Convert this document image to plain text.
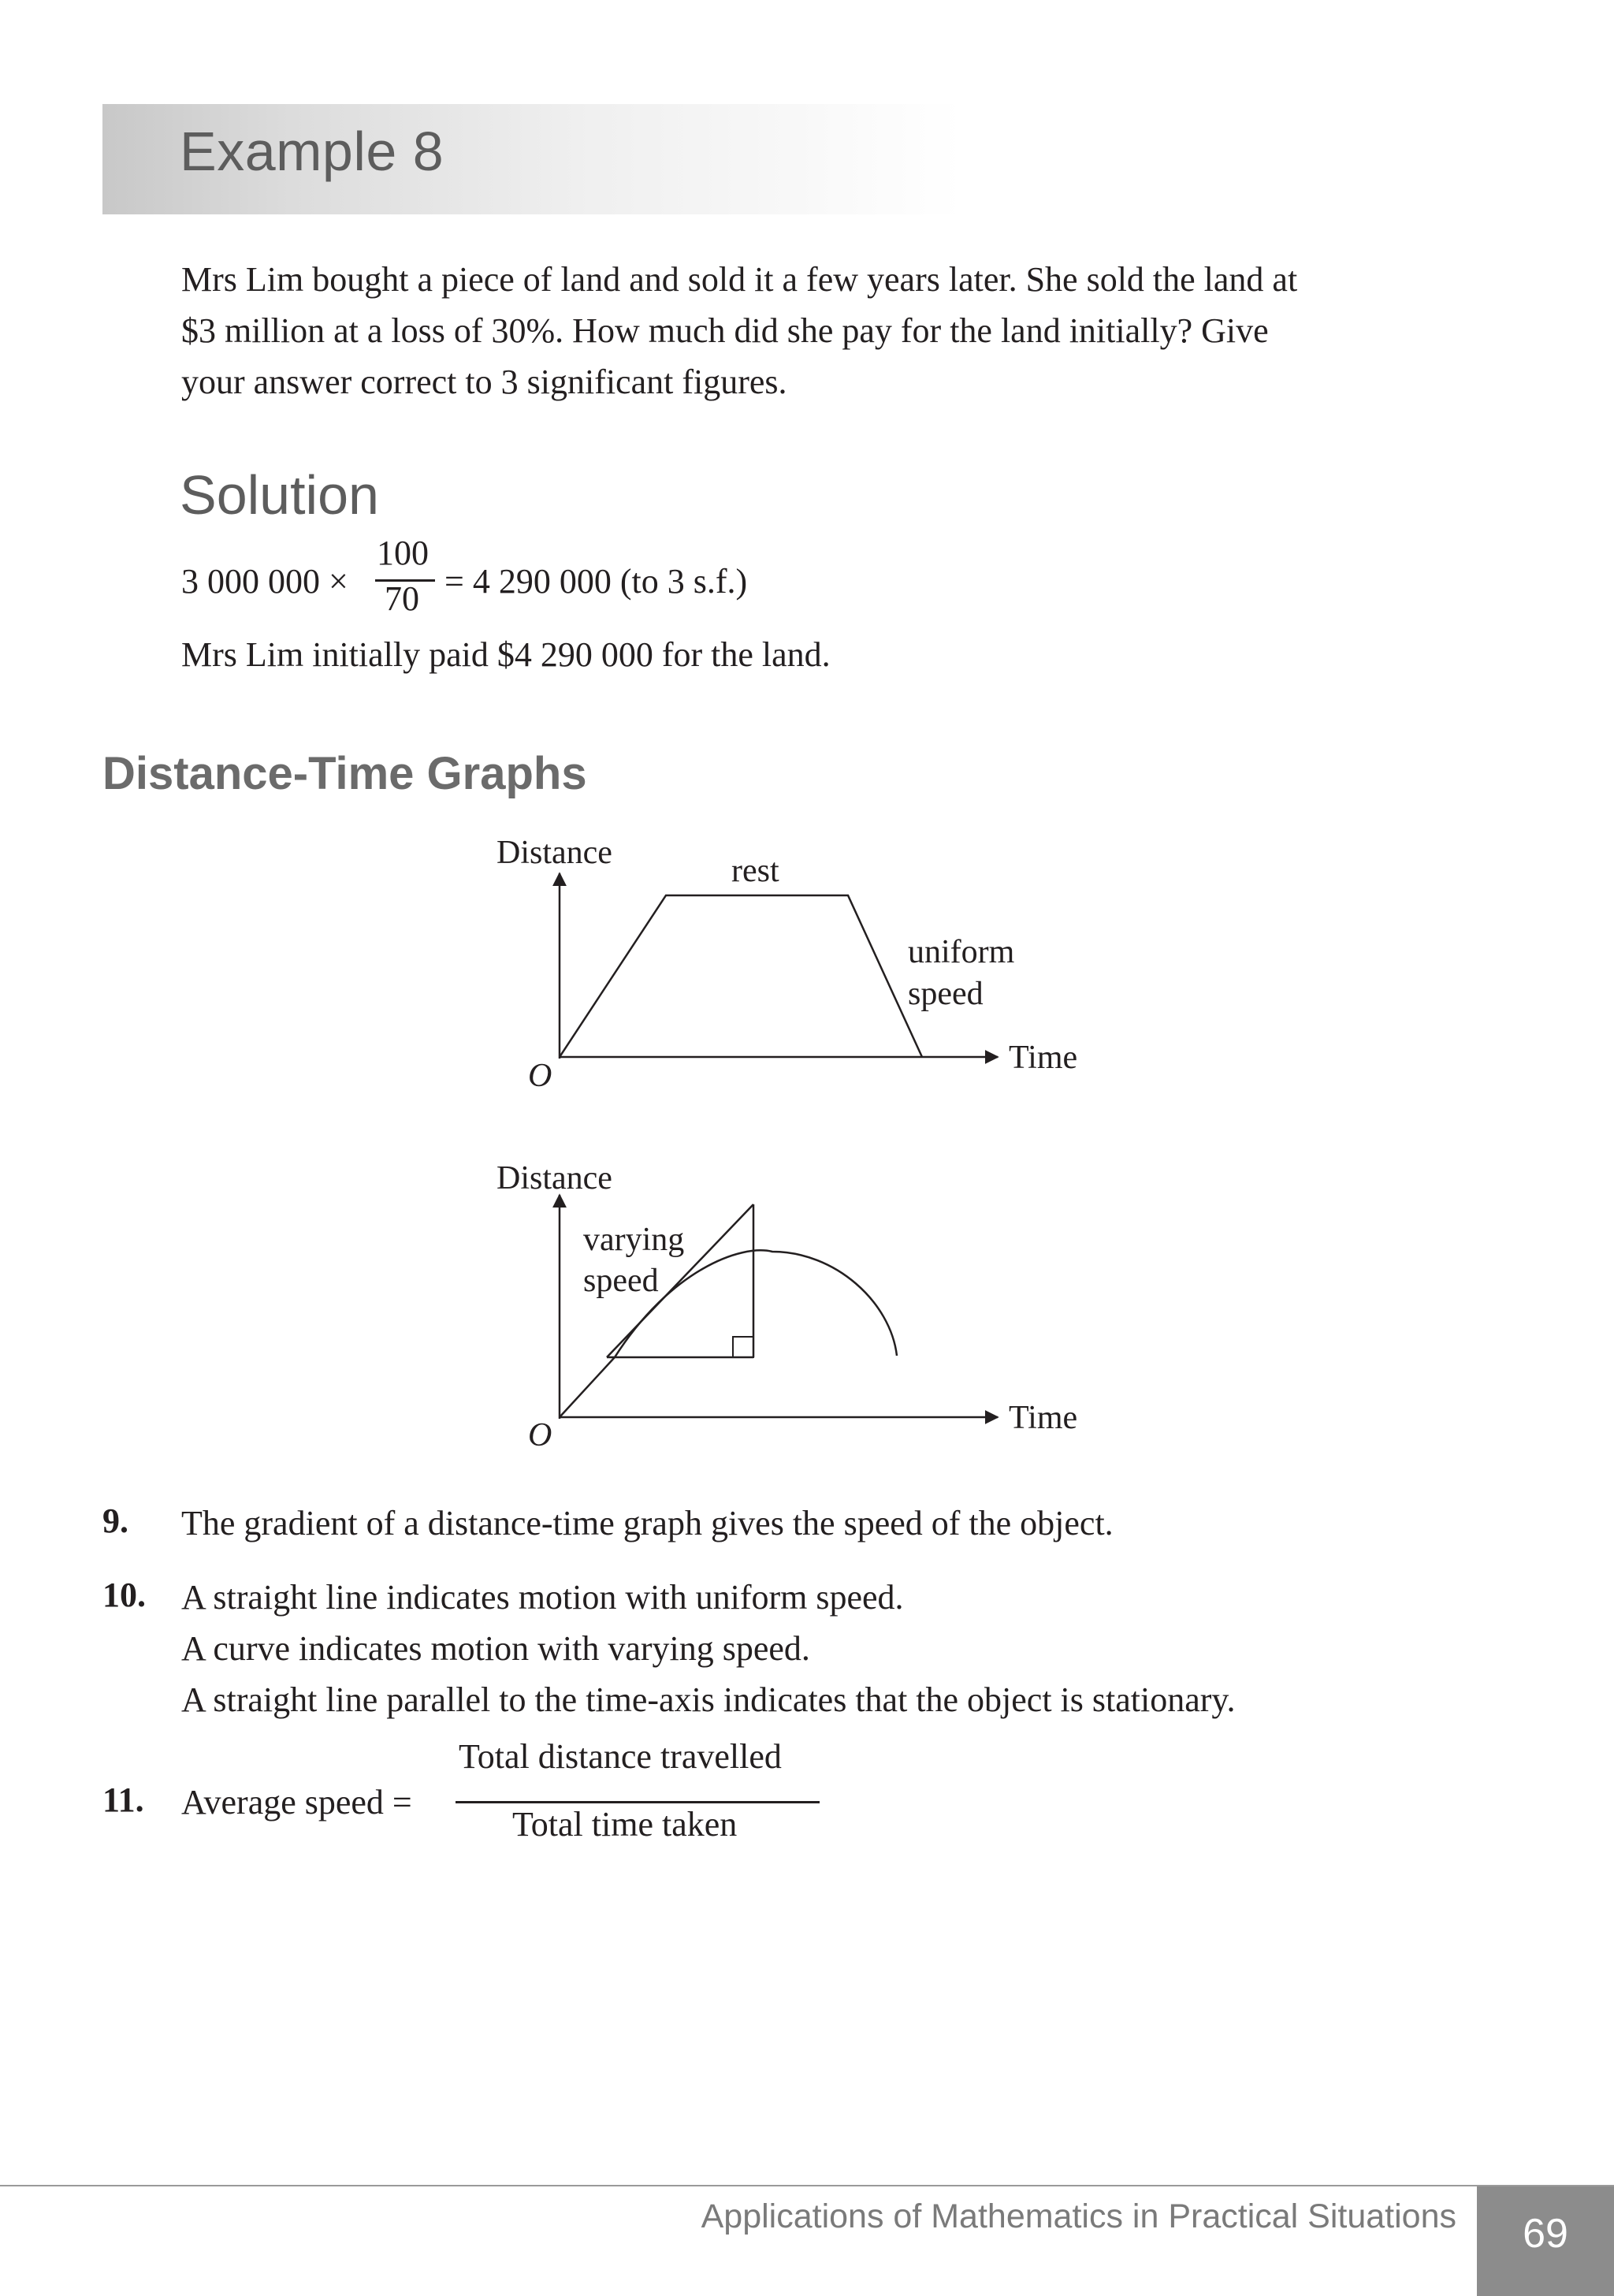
Example 8
Mrs Lim bought a piece of land and sold it a few years later. She sold the land at
$3 million at a loss of 30%. How much did she pay for the land initially? Give
your answer correct to 3 significant figures.
Solution
3 000 000 ×
100
70 = 4 290 000 (to 3 s.f.)
Mrs Lim initially paid $4 290 000 for the land.
Distance-Time Graphs
Distance	rest
uniform
speed
Time
O
Distance
varying
speed
Time
O
9. The gradient of a distance-time graph gives the speed of the object.
10. A straight line indicates motion with uniform speed.
A curve indicates motion with varying speed.
A straight line parallel to the time-axis indicates that the object is stationary.
11. Average speed =
Total distance travelled
Total time taken
Applications of Mathematics in Practical Situations	69
